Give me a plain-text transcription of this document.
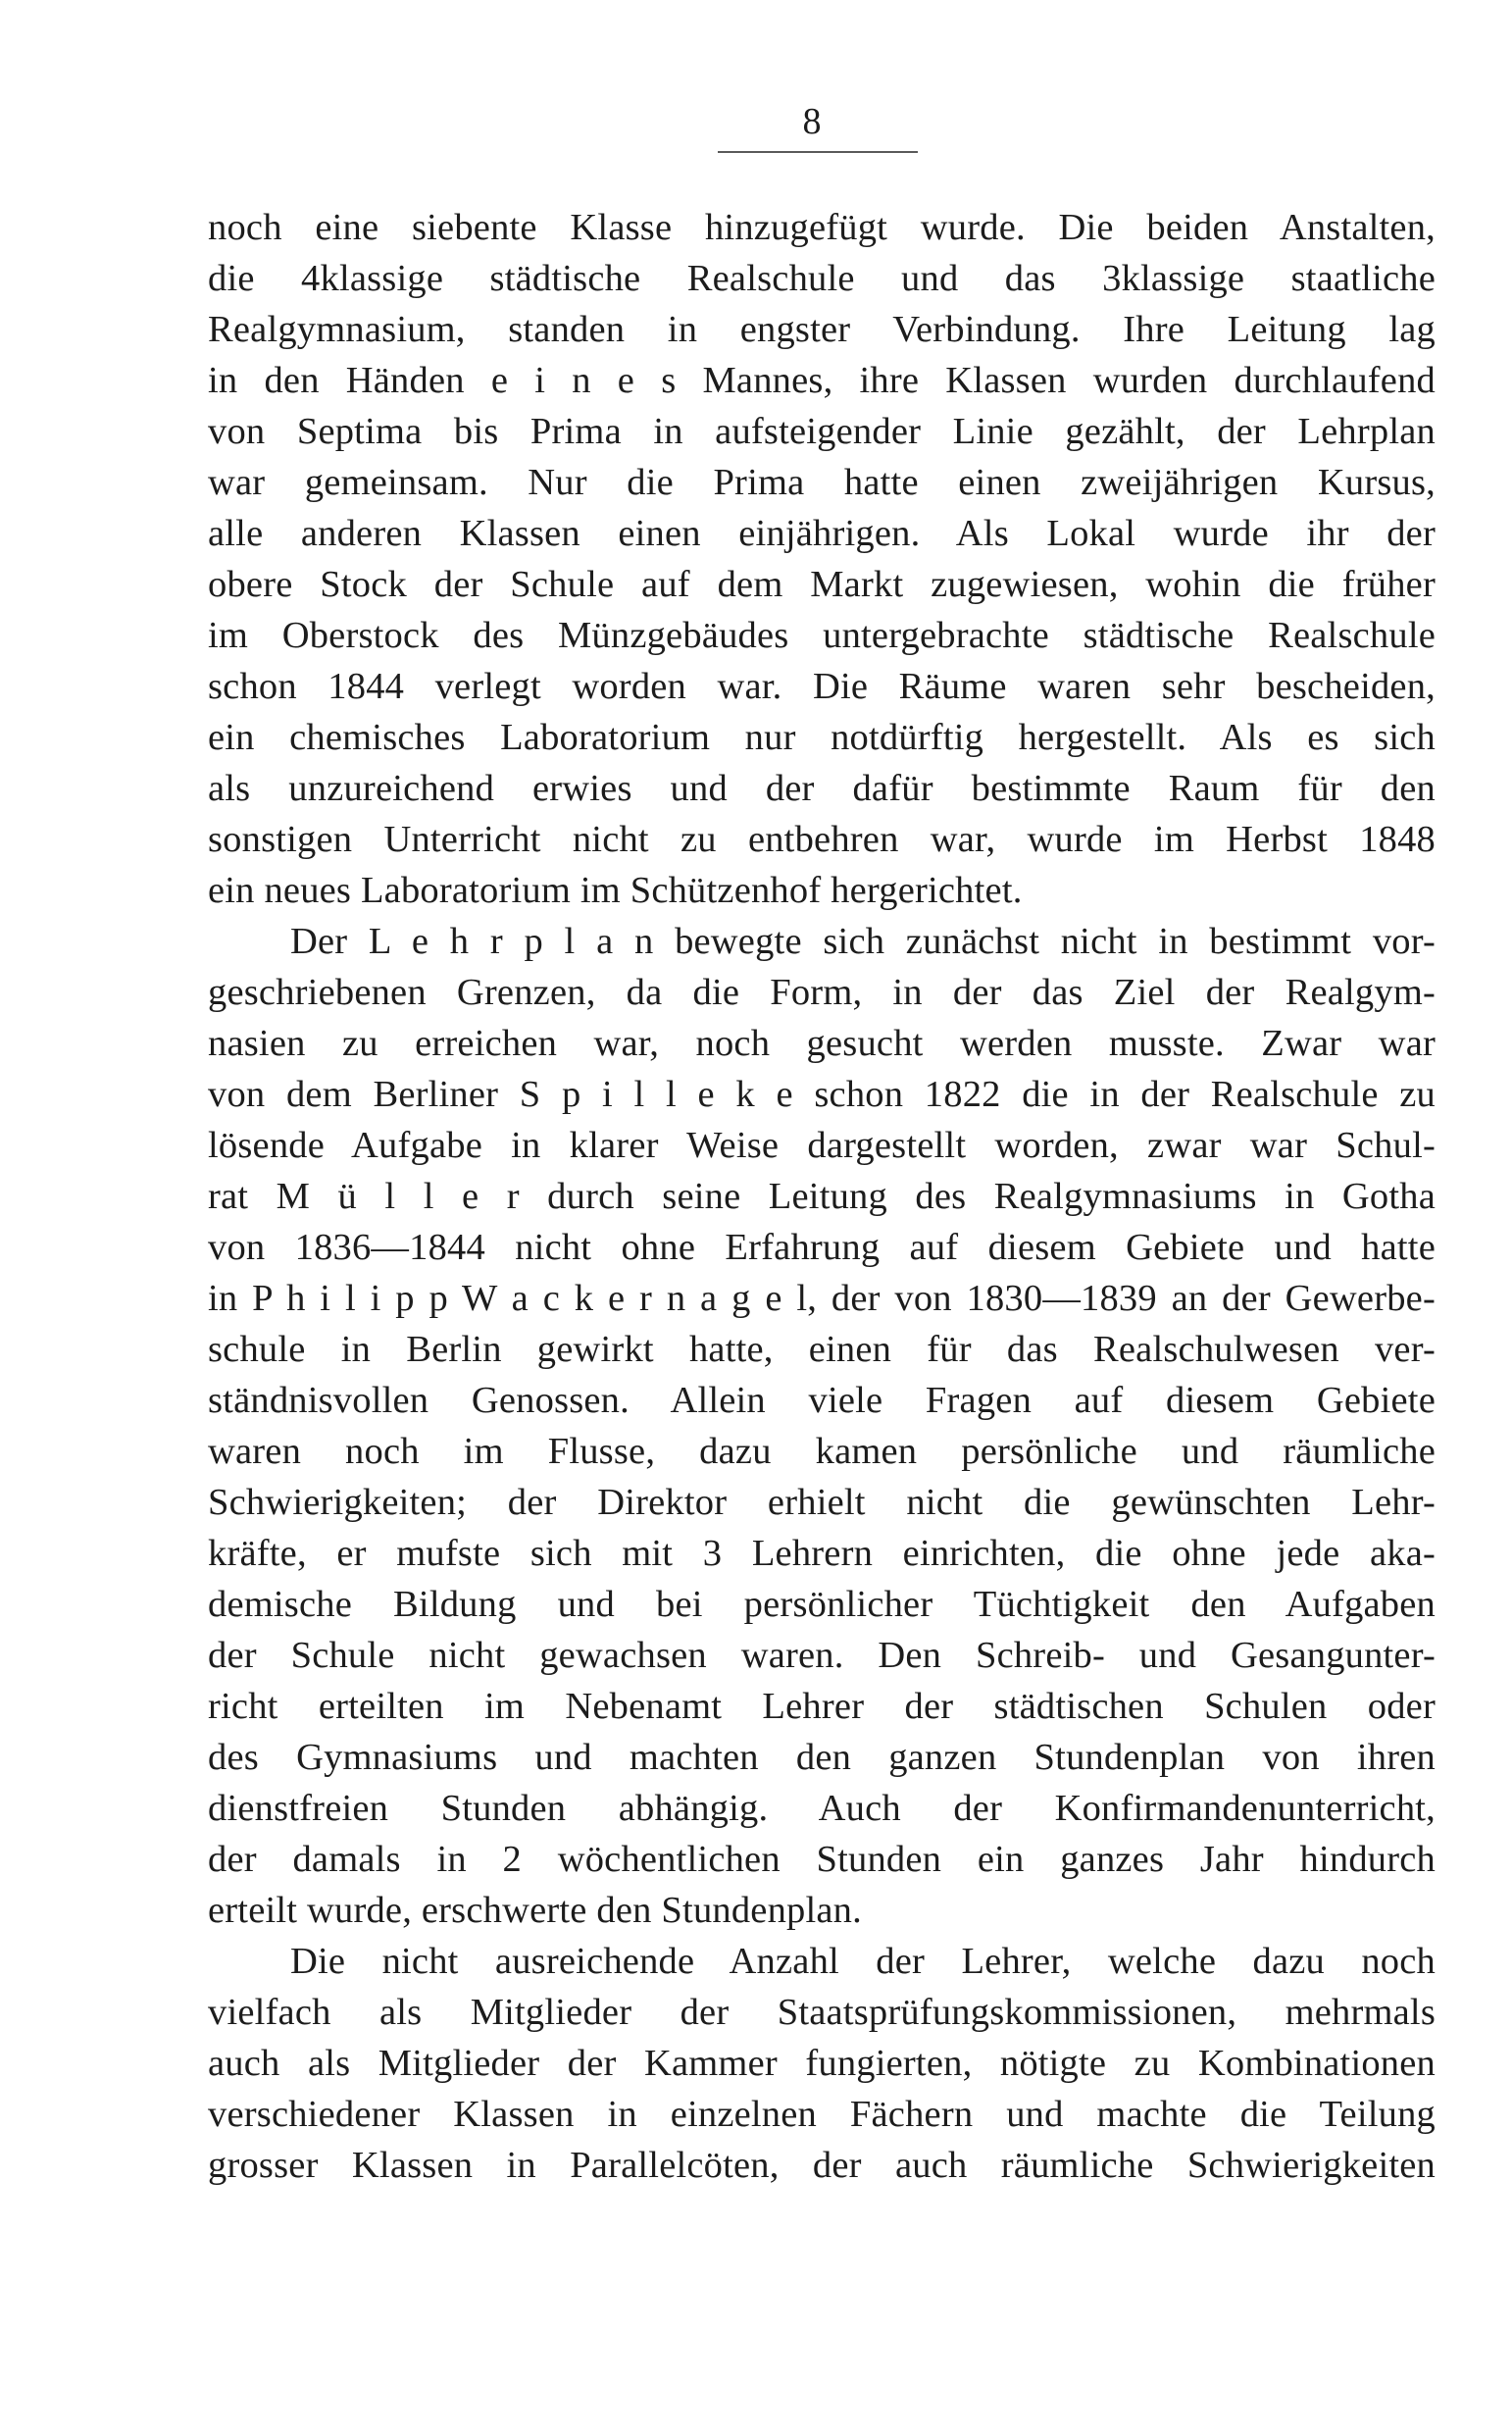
8
noch eine siebente Klasse hinzugefügt wurde. Die beiden Anstalten,
die 4klassige städtische Realschule und das 3klassige staatliche
Realgymnasium, standen in engster Verbindung. Ihre Leitung lag
in den Händen e i n e s Mannes, ihre Klassen wurden durchlaufend
von Septima bis Prima in aufsteigender Linie gezählt, der Lehrplan
war gemeinsam. Nur die Prima hatte einen zweijährigen Kursus,
alle anderen Klassen einen einjährigen. Als Lokal wurde ihr der
obere Stock der Schule auf dem Markt zugewiesen, wohin die früher
im Oberstock des Münzgebäudes untergebrachte städtische Realschule
schon 1844 verlegt worden war. Die Räume waren sehr bescheiden,
ein chemisches Laboratorium nur notdürftig hergestellt. Als es sich
als unzureichend erwies und der dafür bestimmte Raum für den
sonstigen Unterricht nicht zu entbehren war, wurde im Herbst 1848
ein neues Laboratorium im Schützenhof hergerichtet.
Der L e h r p l a n bewegte sich zunächst nicht in bestimmt vor-
geschriebenen Grenzen, da die Form, in der das Ziel der Realgym-
nasien zu erreichen war, noch gesucht werden musste. Zwar war
von dem Berliner S p i l l e k e schon 1822 die in der Realschule zu
lösende Aufgabe in klarer Weise dargestellt worden, zwar war Schul-
rat M ü l l e r durch seine Leitung des Realgymnasiums in Gotha
von 1836—1844 nicht ohne Erfahrung auf diesem Gebiete und hatte
in P h i l i p p W a c k e r n a g e l, der von 1830—1839 an der Gewerbe-
schule in Berlin gewirkt hatte, einen für das Realschulwesen ver-
ständnisvollen Genossen. Allein viele Fragen auf diesem Gebiete
waren noch im Flusse, dazu kamen persönliche und räumliche
Schwierigkeiten; der Direktor erhielt nicht die gewünschten Lehr-
kräfte, er mufste sich mit 3 Lehrern einrichten, die ohne jede aka-
demische Bildung und bei persönlicher Tüchtigkeit den Aufgaben
der Schule nicht gewachsen waren. Den Schreib- und Gesangunter-
richt erteilten im Nebenamt Lehrer der städtischen Schulen oder
des Gymnasiums und machten den ganzen Stundenplan von ihren
dienstfreien Stunden abhängig. Auch der Konfirmandenunterricht,
der damals in 2 wöchentlichen Stunden ein ganzes Jahr hindurch
erteilt wurde, erschwerte den Stundenplan.
Die nicht ausreichende Anzahl der Lehrer, welche dazu noch
vielfach als Mitglieder der Staatsprüfungskommissionen, mehrmals
auch als Mitglieder der Kammer fungierten, nötigte zu Kombinationen
verschiedener Klassen in einzelnen Fächern und machte die Teilung
grosser Klassen in Parallelcöten, der auch räumliche Schwierigkeiten
